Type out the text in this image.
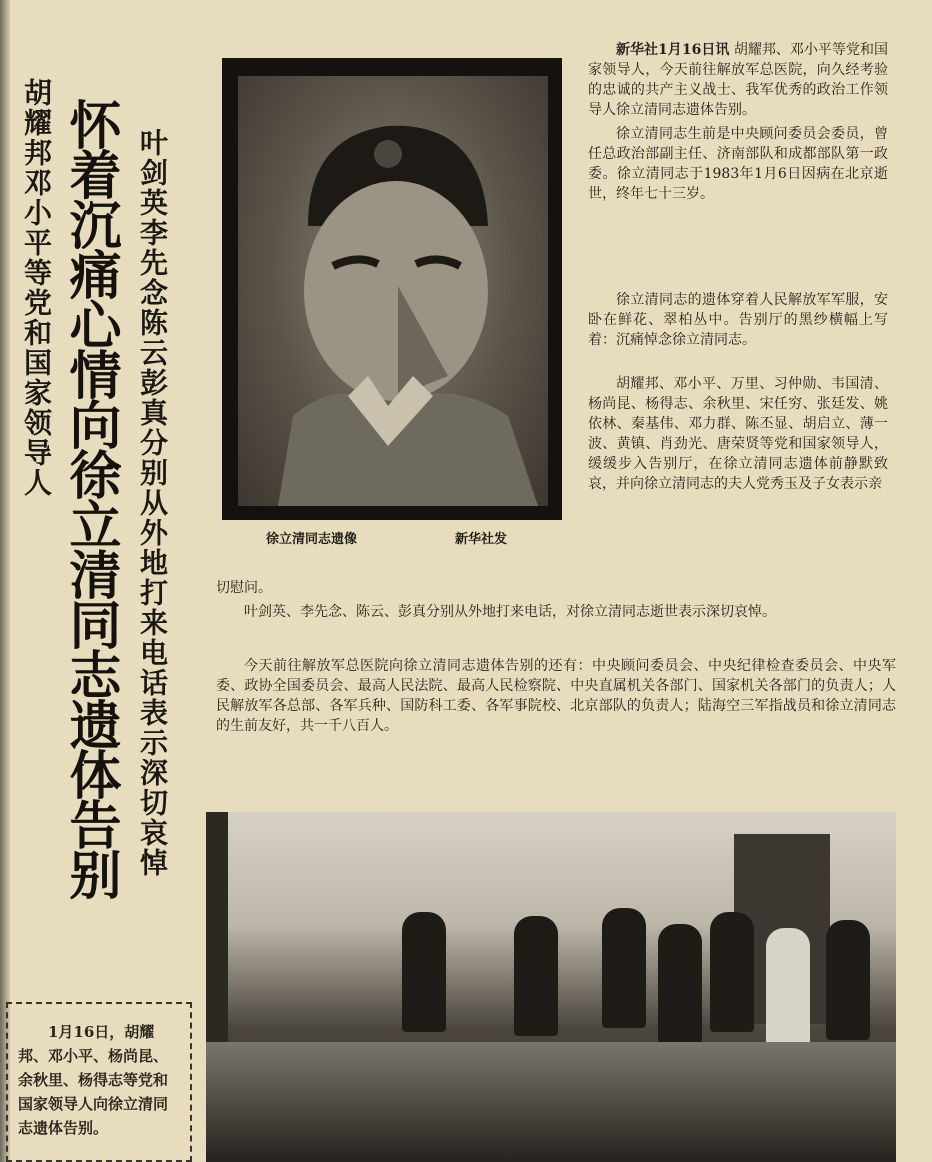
胡耀邦邓小平等党和国家领导人 怀着沉痛心情向徐立清同志遗体告别 叶剑英李先念陈云彭真分别从外地打来电话表示深切哀悼	徐立清同志遗像	新华社发

新华社1月16日讯 胡耀邦、邓小平等党和国家领导人，今天前往解放军总医院，向久经考验的忠诚的共产主义战士、我军优秀的政治工作领导人徐立清同志遗体告别。

徐立清同志生前是中央顾问委员会委员，曾任总政治部副主任、济南部队和成都部队第一政委。徐立清同志于1983年1月6日因病在北京逝世，终年七十三岁。

徐立清同志的遗体穿着人民解放军军服，安卧在鲜花、翠柏丛中。告别厅的黑纱横幅上写着：沉痛悼念徐立清同志。

胡耀邦、邓小平、万里、习仲勋、韦国清、杨尚昆、杨得志、余秋里、宋任穷、张廷发、姚依林、秦基伟、邓力群、陈丕显、胡启立、薄一波、黄镇、肖劲光、唐荣贤等党和国家领导人，缓缓步入告别厅，在徐立清同志遗体前静默致哀，并向徐立清同志的夫人党秀玉及子女表示亲

切慰问。

叶剑英、李先念、陈云、彭真分别从外地打来电话，对徐立清同志逝世表示深切哀悼。

今天前往解放军总医院向徐立清同志遗体告别的还有：中央顾问委员会、中央纪律检查委员会、中央军委、政协全国委员会、最高人民法院、最高人民检察院、中央直属机关各部门、国家机关各部门的负责人；人民解放军各总部、各军兵种、国防科工委、各军事院校、北京部队的负责人；陆海空三军指战员和徐立清同志的生前友好，共一千八百人。

1月16日，胡耀邦、邓小平、杨尚昆、余秋里、杨得志等党和国家领导人向徐立清同志遗体告别。
